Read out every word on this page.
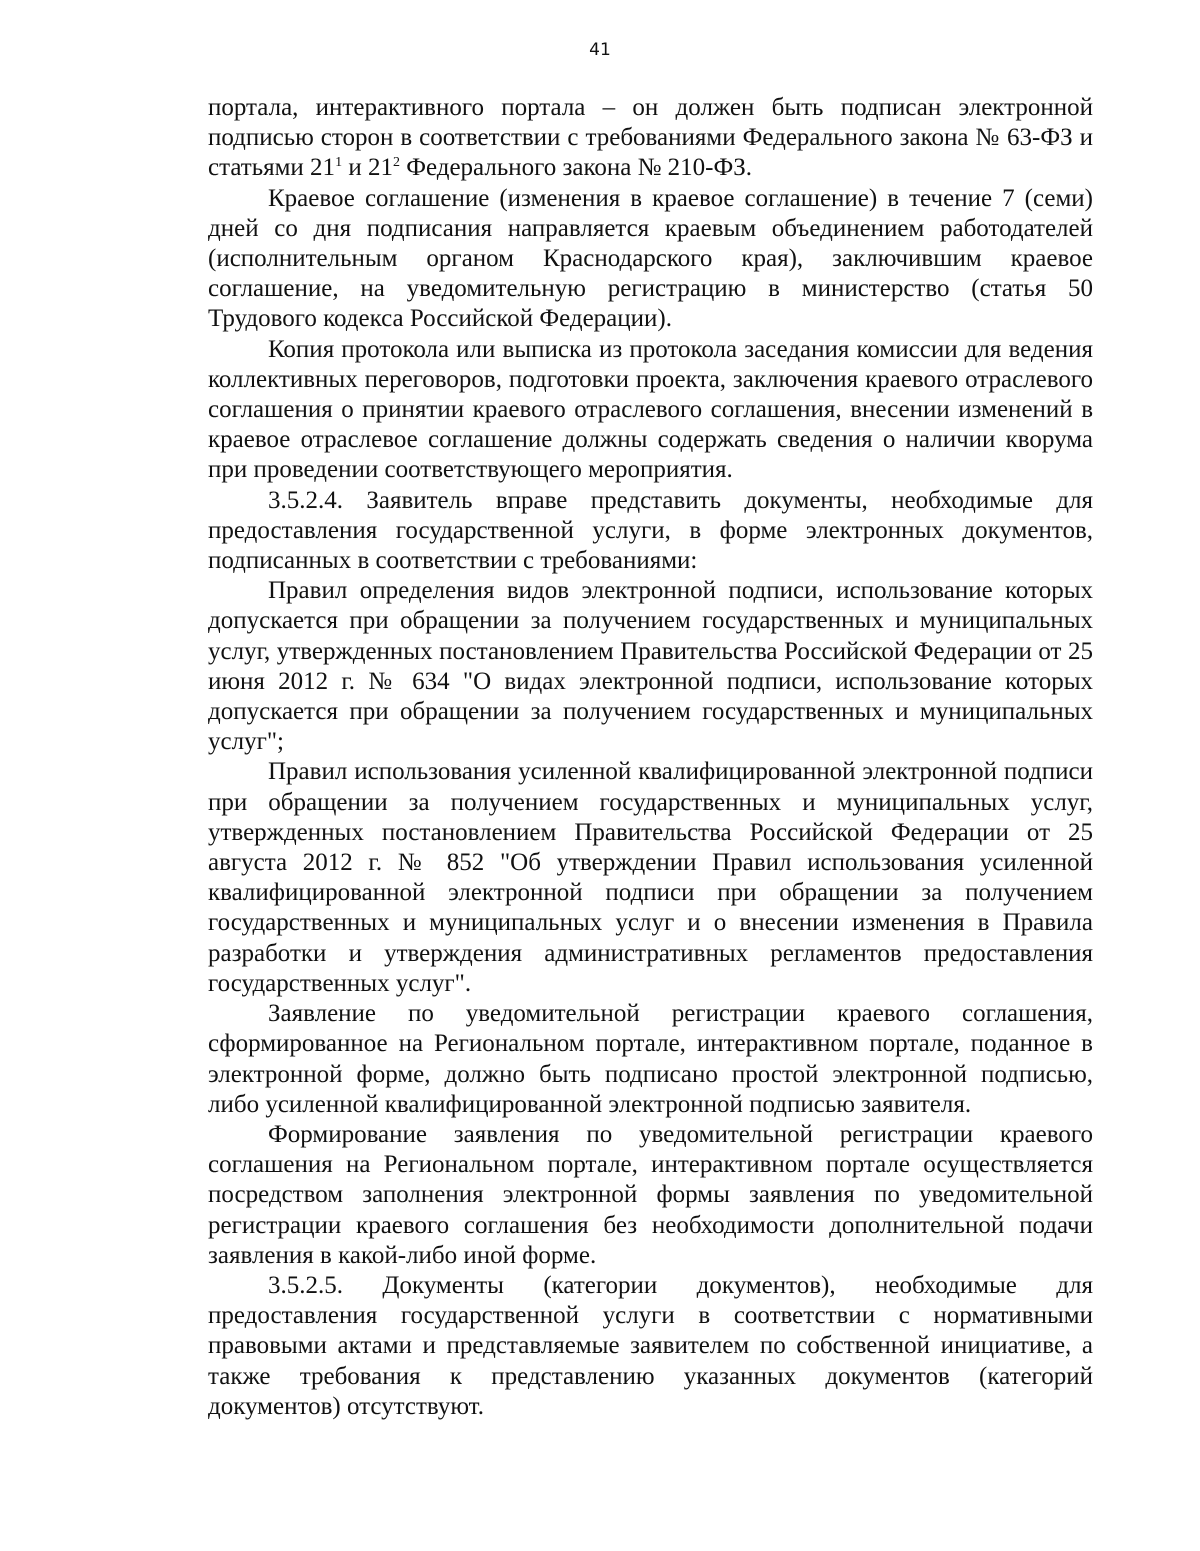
41

портала, интерактивного портала – он должен быть подписан электронной подписью сторон в соответствии с требованиями Федерального закона № 63-ФЗ и статьями $21^1$ и $21^2$ Федерального закона № 210-ФЗ.

Краевое соглашение (изменения в краевое соглашение) в течение 7 (семи) дней со дня подписания направляется краевым объединением работодателей (исполнительным органом Краснодарского края), заключившим краевое соглашение, на уведомительную регистрацию в министерство (статья 50 Трудового кодекса Российской Федерации).

Копия протокола или выписка из протокола заседания комиссии для ведения коллективных переговоров, подготовки проекта, заключения краевого отраслевого соглашения о принятии краевого отраслевого соглашения, внесении изменений в краевое отраслевое соглашение должны содержать сведения о наличии кворума при проведении соответствующего мероприятия.

3.5.2.4. Заявитель вправе представить документы, необходимые для предоставления государственной услуги, в форме электронных документов, подписанных в соответствии с требованиями:

Правил определения видов электронной подписи, использование которых допускается при обращении за получением государственных и муниципальных услуг, утвержденных постановлением Правительства Российской Федерации от 25 июня 2012 г. № 634 "О видах электронной подписи, использование которых допускается при обращении за получением государственных и муниципальных услуг";

Правил использования усиленной квалифицированной электронной подписи при обращении за получением государственных и муниципальных услуг, утвержденных постановлением Правительства Российской Федерации от 25 августа 2012 г. № 852 "Об утверждении Правил использования усиленной квалифицированной электронной подписи при обращении за получением государственных и муниципальных услуг и о внесении изменения в Правила разработки и утверждения административных регламентов предоставления государственных услуг".

Заявление по уведомительной регистрации краевого соглашения, сформированное на Региональном портале, интерактивном портале, поданное в электронной форме, должно быть подписано простой электронной подписью, либо усиленной квалифицированной электронной подписью заявителя.

Формирование заявления по уведомительной регистрации краевого соглашения на Региональном портале, интерактивном портале осуществляется посредством заполнения электронной формы заявления по уведомительной регистрации краевого соглашения без необходимости дополнительной подачи заявления в какой-либо иной форме.

3.5.2.5. Документы (категории документов), необходимые для предоставления государственной услуги в соответствии с нормативными правовыми актами и представляемые заявителем по собственной инициативе, а также требования к представлению указанных документов (категорий документов) отсутствуют.
